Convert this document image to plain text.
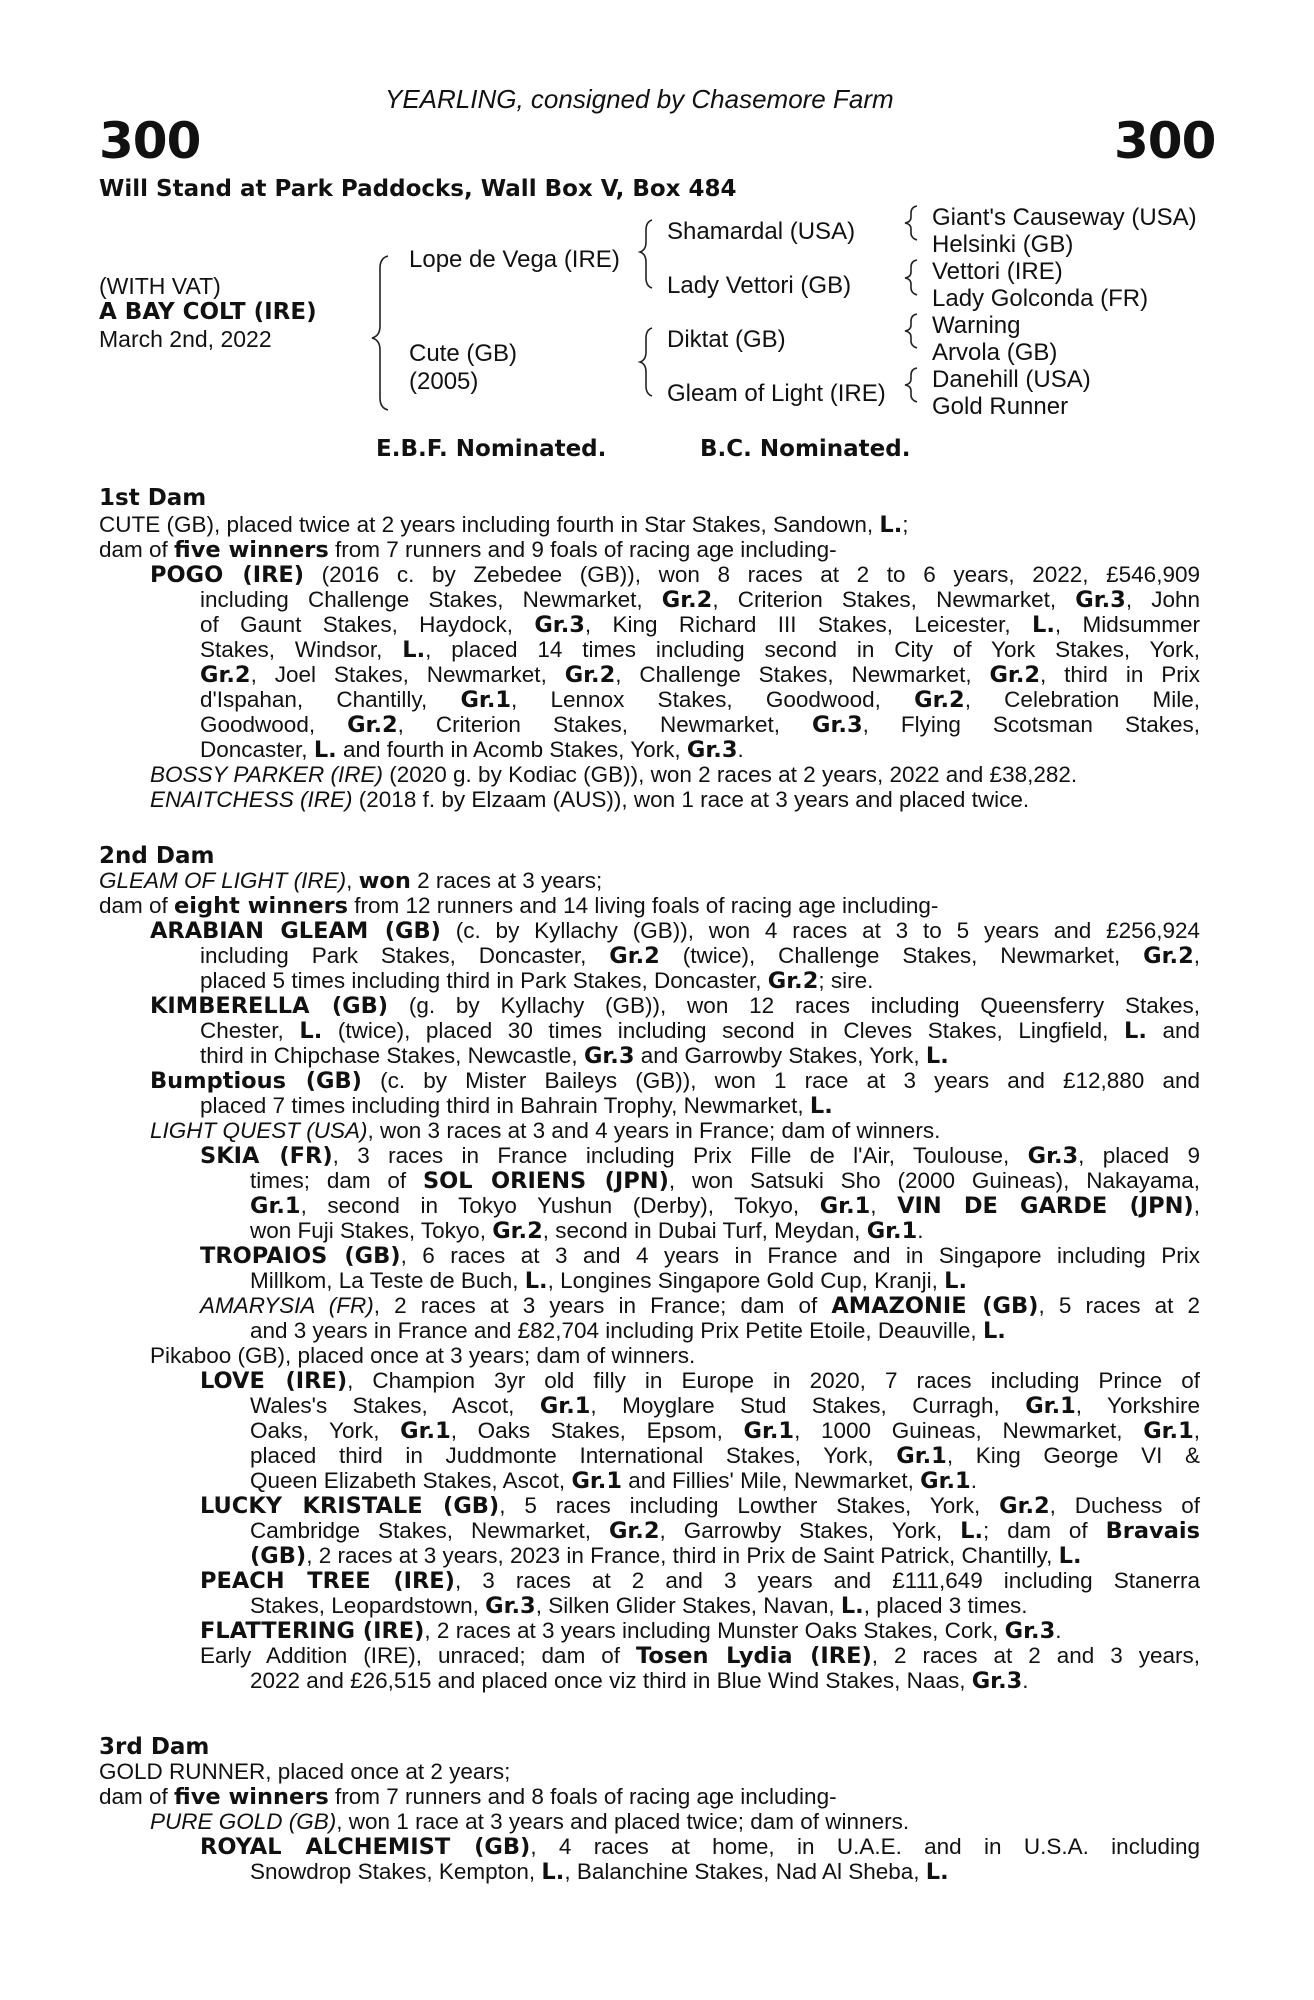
YEARLING, consigned by Chasemore Farm
300	300
Will Stand at Park Paddocks, Wall Box V, Box 484
(WITH VAT)
A BAY COLT (IRE)
March 2nd, 2022
Lope de Vega (IRE)
Cute (GB)
(2005)
Shamardal (USA)
Lady Vettori (GB)
Diktat (GB)
Gleam of Light (IRE)
Giant's Causeway (USA)
Helsinki (GB)
Vettori (IRE)
Lady Golconda (FR)
Warning
Arvola (GB)
Danehill (USA)
Gold Runner
E.B.F. Nominated.	B.C. Nominated.
1st Dam
2nd Dam
3rd Dam
CUTE (GB), placed twice at 2 years including fourth in Star Stakes, Sandown, L.;
dam of five winners from 7 runners and 9 foals of racing age including-
POGO (IRE) (2016 c. by Zebedee (GB)), won 8 races at 2 to 6 years, 2022, £546,909
including Challenge Stakes, Newmarket, Gr.2, Criterion Stakes, Newmarket, Gr.3, John
of Gaunt Stakes, Haydock, Gr.3, King Richard III Stakes, Leicester, L., Midsummer
Stakes, Windsor, L., placed 14 times including second in City of York Stakes, York,
Gr.2, Joel Stakes, Newmarket, Gr.2, Challenge Stakes, Newmarket, Gr.2, third in Prix
d'Ispahan, Chantilly, Gr.1, Lennox Stakes, Goodwood, Gr.2, Celebration Mile,
Goodwood, Gr.2, Criterion Stakes, Newmarket, Gr.3, Flying Scotsman Stakes,
Doncaster, L. and fourth in Acomb Stakes, York, Gr.3.
BOSSY PARKER (IRE) (2020 g. by Kodiac (GB)), won 2 races at 2 years, 2022 and £38,282.
ENAITCHESS (IRE) (2018 f. by Elzaam (AUS)), won 1 race at 3 years and placed twice.
GLEAM OF LIGHT (IRE), won 2 races at 3 years;
dam of eight winners from 12 runners and 14 living foals of racing age including-
ARABIAN GLEAM (GB) (c. by Kyllachy (GB)), won 4 races at 3 to 5 years and £256,924
including Park Stakes, Doncaster, Gr.2 (twice), Challenge Stakes, Newmarket, Gr.2,
placed 5 times including third in Park Stakes, Doncaster, Gr.2; sire.
KIMBERELLA (GB) (g. by Kyllachy (GB)), won 12 races including Queensferry Stakes,
Chester, L. (twice), placed 30 times including second in Cleves Stakes, Lingfield, L. and
third in Chipchase Stakes, Newcastle, Gr.3 and Garrowby Stakes, York, L.
Bumptious (GB) (c. by Mister Baileys (GB)), won 1 race at 3 years and £12,880 and
placed 7 times including third in Bahrain Trophy, Newmarket, L.
LIGHT QUEST (USA), won 3 races at 3 and 4 years in France; dam of winners.
SKIA (FR), 3 races in France including Prix Fille de l'Air, Toulouse, Gr.3, placed 9
times; dam of SOL ORIENS (JPN), won Satsuki Sho (2000 Guineas), Nakayama,
Gr.1, second in Tokyo Yushun (Derby), Tokyo, Gr.1, VIN DE GARDE (JPN),
won Fuji Stakes, Tokyo, Gr.2, second in Dubai Turf, Meydan, Gr.1.
TROPAIOS (GB), 6 races at 3 and 4 years in France and in Singapore including Prix
Millkom, La Teste de Buch, L., Longines Singapore Gold Cup, Kranji, L.
AMARYSIA (FR), 2 races at 3 years in France; dam of AMAZONIE (GB), 5 races at 2
and 3 years in France and £82,704 including Prix Petite Etoile, Deauville, L.
Pikaboo (GB), placed once at 3 years; dam of winners.
LOVE (IRE), Champion 3yr old filly in Europe in 2020, 7 races including Prince of
Wales's Stakes, Ascot, Gr.1, Moyglare Stud Stakes, Curragh, Gr.1, Yorkshire
Oaks, York, Gr.1, Oaks Stakes, Epsom, Gr.1, 1000 Guineas, Newmarket, Gr.1,
placed third in Juddmonte International Stakes, York, Gr.1, King George VI &
Queen Elizabeth Stakes, Ascot, Gr.1 and Fillies' Mile, Newmarket, Gr.1.
LUCKY KRISTALE (GB), 5 races including Lowther Stakes, York, Gr.2, Duchess of
Cambridge Stakes, Newmarket, Gr.2, Garrowby Stakes, York, L.; dam of Bravais
(GB), 2 races at 3 years, 2023 in France, third in Prix de Saint Patrick, Chantilly, L.
PEACH TREE (IRE), 3 races at 2 and 3 years and £111,649 including Stanerra
Stakes, Leopardstown, Gr.3, Silken Glider Stakes, Navan, L., placed 3 times.
FLATTERING (IRE), 2 races at 3 years including Munster Oaks Stakes, Cork, Gr.3.
Early Addition (IRE), unraced; dam of Tosen Lydia (IRE), 2 races at 2 and 3 years,
2022 and £26,515 and placed once viz third in Blue Wind Stakes, Naas, Gr.3.
GOLD RUNNER, placed once at 2 years;
dam of five winners from 7 runners and 8 foals of racing age including-
PURE GOLD (GB), won 1 race at 3 years and placed twice; dam of winners.
ROYAL ALCHEMIST (GB), 4 races at home, in U.A.E. and in U.S.A. including
Snowdrop Stakes, Kempton, L., Balanchine Stakes, Nad Al Sheba, L.
